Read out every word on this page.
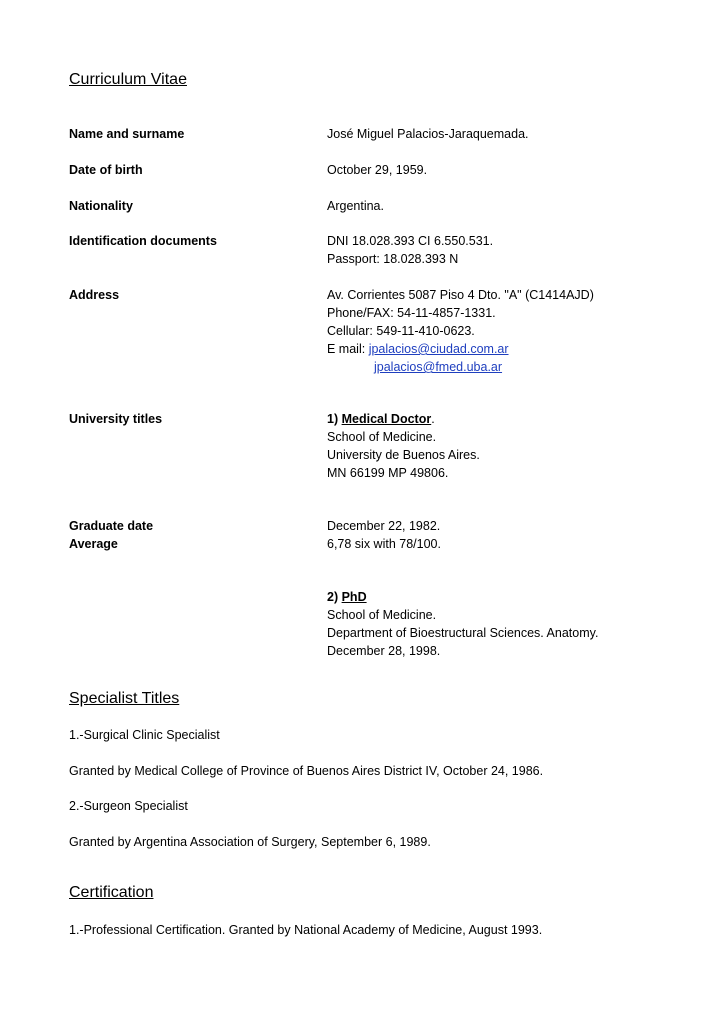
Curriculum Vitae
Name and surname	José Miguel Palacios-Jaraquemada.
Date of birth	October 29, 1959.
Nationality	Argentina.
Identification documents	DNI 18.028.393 CI 6.550.531.
Passport: 18.028.393 N
Address	Av. Corrientes 5087 Piso 4 Dto. "A" (C1414AJD)
Phone/FAX: 54-11-4857-1331.
Cellular: 549-11-410-0623.
E mail: jpalacios@ciudad.com.ar
jpalacios@fmed.uba.ar
University titles	1) Medical Doctor.
School of Medicine.
University de Buenos Aires.
MN 66199 MP 49806.
Graduate date	December 22, 1982.
Average	6,78 six with 78/100.
2) PhD
School of Medicine.
Department of Bioestructural Sciences. Anatomy.
December 28, 1998.
Specialist Titles
1.-Surgical Clinic Specialist
Granted by Medical College of Province of Buenos Aires District IV, October 24, 1986.
2.-Surgeon Specialist
Granted by Argentina Association of Surgery, September 6, 1989.
Certification
1.-Professional Certification. Granted by National Academy of Medicine, August 1993.
